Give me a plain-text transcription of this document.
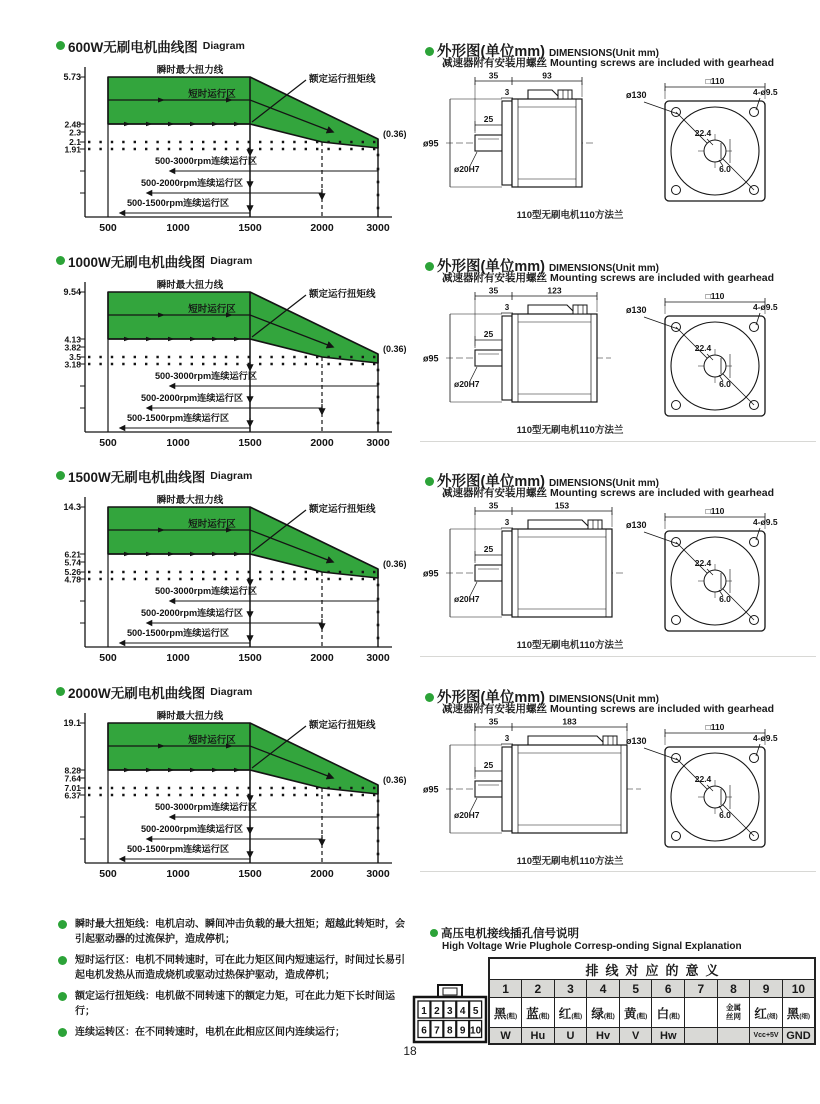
600W无刷电机曲线图 Diagram
瞬时最大扭力线
短时运行区
额定运行扭矩线
500-3000rpm连续运行区
500-2000rpm连续运行区
500-1500rpm连续运行区
(0.36)
5.73
2.48
2.3
2.1
1.91
500	1000	1500	2000	3000
外形图(单位mm) DIMENSIONS(Unit mm)
减速器附有安装用螺丝 Mounting screws are included with gearhead
ø95
25
ø20H7
3
35	93
□110
ø130	4-ø9.5
22.4
6.0
110型无刷电机110方法兰
1000W无刷电机曲线图 Diagram
瞬时最大扭力线
短时运行区
额定运行扭矩线
500-3000rpm连续运行区
500-2000rpm连续运行区
500-1500rpm连续运行区
(0.36)
9.54
4.13
3.82
3.5
3.18
500	1000	1500	2000	3000
外形图(单位mm) DIMENSIONS(Unit mm)
减速器附有安装用螺丝 Mounting screws are included with gearhead
ø95
25
ø20H7
3
35	123
□110
ø130	4-ø9.5
22.4
6.0
110型无刷电机110方法兰
1500W无刷电机曲线图 Diagram
瞬时最大扭力线
短时运行区
额定运行扭矩线
500-3000rpm连续运行区
500-2000rpm连续运行区
500-1500rpm连续运行区
(0.36)
14.3
6.21
5.74
5.26
4.78
500	1000	1500	2000	3000
外形图(单位mm) DIMENSIONS(Unit mm)
减速器附有安装用螺丝 Mounting screws are included with gearhead
ø95
25
ø20H7
3
35	153
□110
ø130	4-ø9.5
22.4
6.0
110型无刷电机110方法兰
2000W无刷电机曲线图 Diagram
瞬时最大扭力线
短时运行区
额定运行扭矩线
500-3000rpm连续运行区
500-2000rpm连续运行区
500-1500rpm连续运行区
(0.36)
19.1
8.28
7.64
7.01
6.37
500	1000	1500	2000	3000
外形图(单位mm) DIMENSIONS(Unit mm)
减速器附有安装用螺丝 Mounting screws are included with gearhead
ø95
25
ø20H7
3
35	183
□110
ø130	4-ø9.5
22.4
6.0
110型无刷电机110方法兰
瞬时最大扭矩线：电机启动、瞬间冲击负载的最大扭矩；超越此转矩时，会引起驱动器的过流保护，造成停机；
短时运行区：电机不同转速时，可在此力矩区间内短速运行，时间过长易引起电机发热从而造成烧机或驱动过热保护驱动，造成停机；
额定运行扭矩线：电机做不同转速下的额定力矩，可在此力矩下长时间运行；
连续运转区：在不同转速时，电机在此相应区间内连续运行；
高压电机接线插孔信号说明
High Voltage Wrie Plughole Corresp-onding Signal Explanation
1 2 3 4 5
6 7 8 9 10
排线对应的意义									
1	2	3	4	5	6	7	8	9	10
黑(粗)	蓝(粗)	红(粗)	绿(粗)	黄(粗)	白(粗)		金属丝网	红(细)	黑(细)
W	Hu	U	Hv	V	Hw			Vcc+5V	GND
18
